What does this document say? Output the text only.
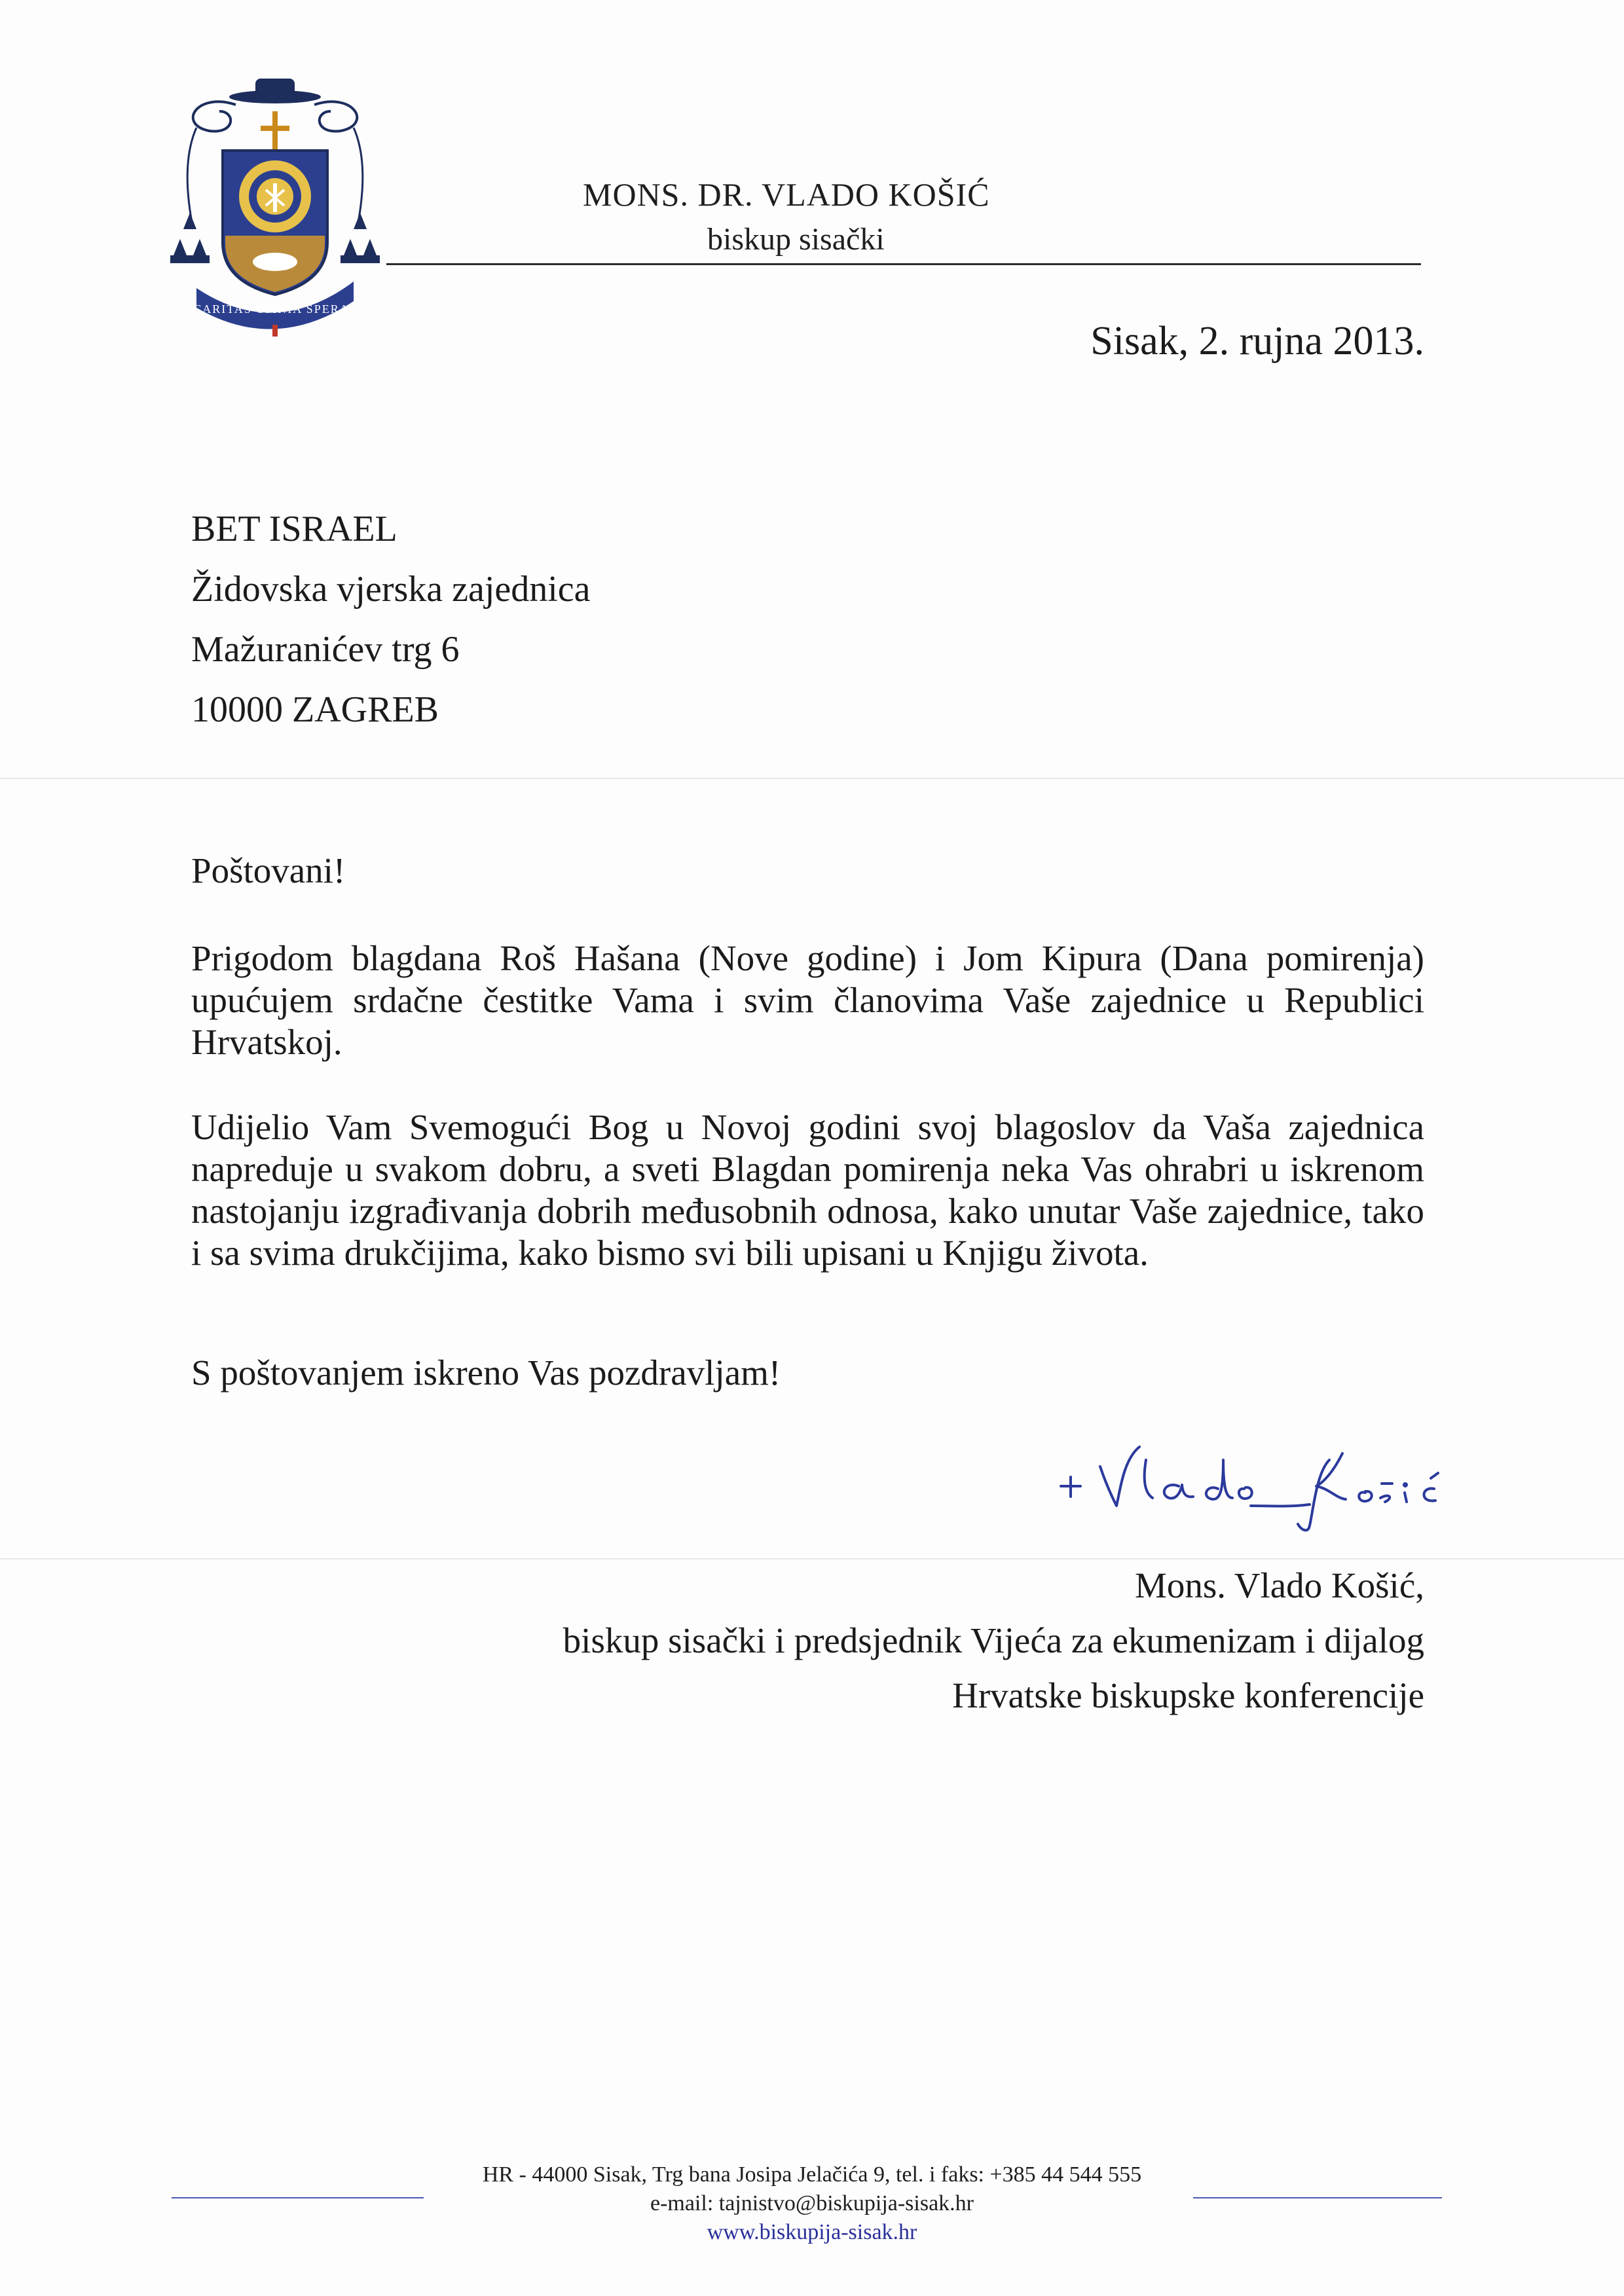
CARITAS OMNIA SPERAT
MONS. DR. VLADO KOŠIĆ
biskup sisački
Sisak, 2. rujna 2013.
BET ISRAEL
Židovska vjerska zajednica
Mažuranićev trg 6
10000 ZAGREB
Poštovani!
Prigodom blagdana Roš Hašana (Nove godine) i Jom Kipura (Dana pomirenja) upućujem srdačne čestitke Vama i svim članovima Vaše zajednice u Republici Hrvatskoj.
Udijelio Vam Svemogući Bog u Novoj godini svoj blagoslov da Vaša zajednica napreduje u svakom dobru, a sveti Blagdan pomirenja neka Vas ohrabri u iskrenom nastojanju izgrađivanja dobrih međusobnih odnosa, kako unutar Vaše zajednice, tako i sa svima drukčijima, kako bismo svi bili upisani u Knjigu života.
S poštovanjem iskreno Vas pozdravljam!
Mons. Vlado Košić,
biskup sisački i predsjednik Vijeća za ekumenizam i dijalog
Hrvatske biskupske konferencije
HR - 44000 Sisak, Trg bana Josipa Jelačića 9, tel. i faks: +385 44 544 555
e-mail: tajnistvo@biskupija-sisak.hr
www.biskupija-sisak.hr
